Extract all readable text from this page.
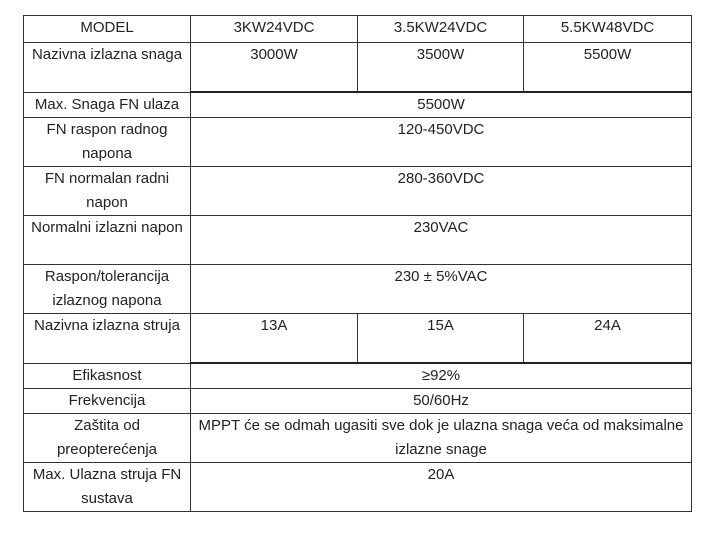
MODEL	3KW24VDC	3.5KW24VDC	5.5KW48VDC
Nazivna izlazna snaga	3000W	3500W	5500W
Max. Snaga FN ulaza	5500W		
FN raspon radnog napona	120-450VDC		
FN normalan radni napon	280-360VDC		
Normalni izlazni napon	230VAC		
Raspon/tolerancija izlaznog napona	230 ± 5%VAC		
Nazivna izlazna struja	13A	15A	24A
Efikasnost	≥92%		
Frekvencija	50/60Hz		
Zaštita od preopterećenja	MPPT će se odmah ugasiti sve dok je ulazna snaga veća od maksimalne izlazne snage		
Max. Ulazna struja FN sustava	20A		
